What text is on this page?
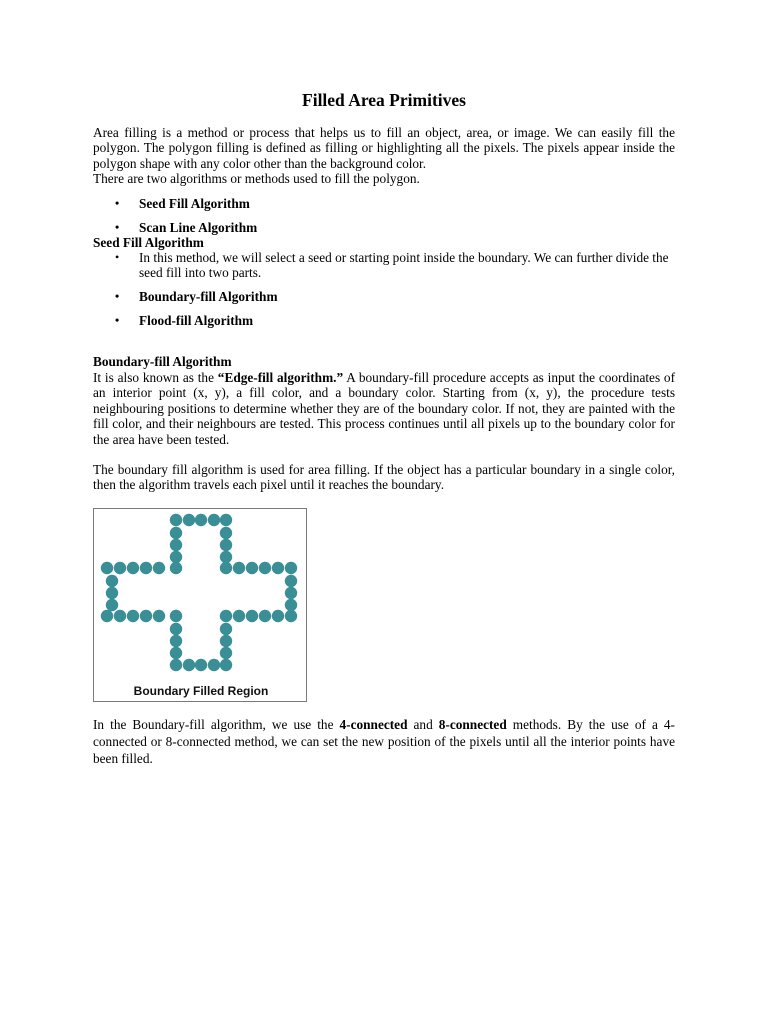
Filled Area Primitives

Area filling is a method or process that helps us to fill an object, area, or image. We can easily fill the polygon. The polygon filling is defined as filling or highlighting all the pixels. The pixels appear inside the polygon shape with any color other than the background color.

There are two algorithms or methods used to fill the polygon.

• Seed Fill Algorithm
• Scan Line Algorithm
Seed Fill Algorithm
• In this method, we will select a seed or starting point inside the boundary. We can further divide the seed fill into two parts.
• Boundary-fill Algorithm
• Flood-fill Algorithm
Boundary-fill Algorithm

It is also known as the “Edge-fill algorithm.” A boundary-fill procedure accepts as input the coordinates of an interior point (x, y), a fill color, and a boundary color. Starting from (x, y), the procedure tests neighbouring positions to determine whether they are of the boundary color. If not, they are painted with the fill color, and their neighbours are tested. This process continues until all pixels up to the boundary color for the area have been tested.

The boundary fill algorithm is used for area filling. If the object has a particular boundary in a single color, then the algorithm travels each pixel until it reaches the boundary.

Boundary Filled Region

In the Boundary-fill algorithm, we use the 4-connected and 8-connected methods. By the use of a 4-connected or 8-connected method, we can set the new position of the pixels until all the interior points have been filled.
